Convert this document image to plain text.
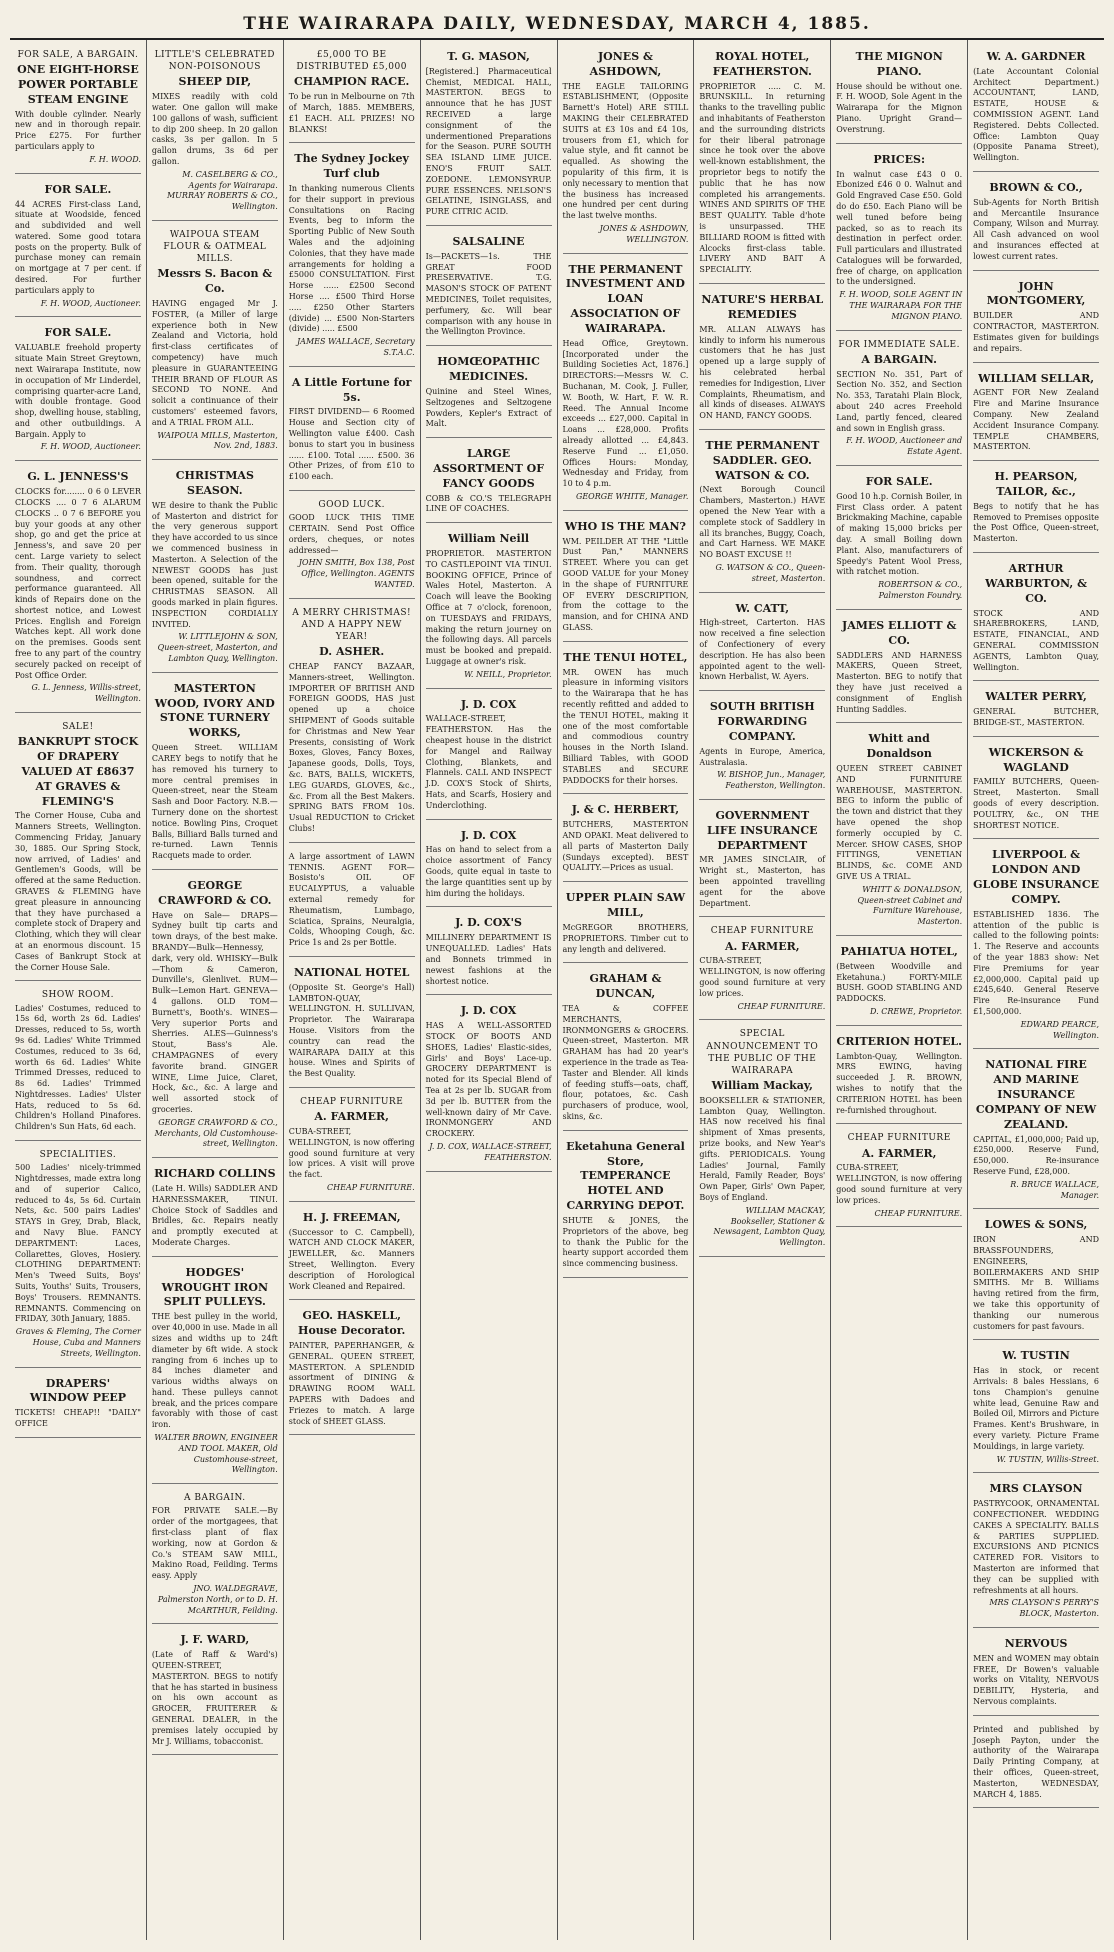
THE WAIRARAPA DAILY, WEDNESDAY, MARCH 4, 1885.
FOR SALE, A BARGAIN.
ONE EIGHT-HORSE POWER PORTABLE STEAM ENGINE
With double cylinder. Nearly new and in thorough repair. Price £275. For further particulars apply to
F. H. WOOD.
FOR SALE.
44 ACRES First-class Land, situate at Woodside, fenced and subdivided and well watered. Some good totara posts on the property. Bulk of purchase money can remain on mortgage at 7 per cent. if desired. For further particulars apply to
F. H. WOOD, Auctioneer.
FOR SALE.
VALUABLE freehold property situate Main Street Greytown, next Wairarapa Institute, now in occupation of Mr Linderdel, comprising quarter-acre Land, with double frontage. Good shop, dwelling house, stabling, and other outbuildings. A Bargain. Apply to
F. H. WOOD, Auctioneer.
G. L. JENNESS'S
CLOCKS for........ 0 6 0 LEVER CLOCKS .... 0 7 6 ALARUM CLOCKS .. 0 7 6 BEFORE you buy your goods at any other shop, go and get the price at Jenness's, and save 20 per cent. Large variety to select from. Their quality, thorough soundness, and correct performance guaranteed. All kinds of Repairs done on the shortest notice, and Lowest Prices. English and Foreign Watches kept. All work done on the premises. Goods sent free to any part of the country securely packed on receipt of Post Office Order.
G. L. Jenness, Willis-street, Wellington.
SALE!
BANKRUPT STOCK OF DRAPERY VALUED AT £8637 AT GRAVES & FLEMING'S
The Corner House, Cuba and Manners Streets, Wellington. Commencing Friday, January 30, 1885. Our Spring Stock, now arrived, of Ladies' and Gentlemen's Goods, will be offered at the same Reduction. GRAVES & FLEMING have great pleasure in announcing that they have purchased a complete stock of Drapery and Clothing, which they will clear at an enormous discount. 15 Cases of Bankrupt Stock at the Corner House Sale.
SHOW ROOM.
Ladies' Costumes, reduced to 15s 6d, worth 2s 6d. Ladies' Dresses, reduced to 5s, worth 9s 6d. Ladies' White Trimmed Costumes, reduced to 3s 6d, worth 6s 6d. Ladies' White Trimmed Dresses, reduced to 8s 6d. Ladies' Trimmed Nightdresses. Ladies' Ulster Hats, reduced to 5s 6d. Children's Holland Pinafores. Children's Sun Hats, 6d each.
SPECIALITIES.
500 Ladies' nicely-trimmed Nightdresses, made extra long and of superior Calico, reduced to 4s, 5s 6d. Curtain Nets, &c. 500 pairs Ladies' STAYS in Grey, Drab, Black, and Navy Blue. FANCY DEPARTMENT: Laces, Collarettes, Gloves, Hosiery. CLOTHING DEPARTMENT: Men's Tweed Suits, Boys' Suits, Youths' Suits, Trousers, Boys' Trousers. REMNANTS. REMNANTS. Commencing on FRIDAY, 30th January, 1885.
Graves & Fleming, The Corner House, Cuba and Manners Streets, Wellington.
DRAPERS' WINDOW PEEP
TICKETS! CHEAP!! "DAILY" OFFICE
LITTLE'S CELEBRATED NON-POISONOUS
SHEEP DIP,
MIXES readily with cold water. One gallon will make 100 gallons of wash, sufficient to dip 200 sheep. In 20 gallon casks, 3s per gallon. In 5 gallon drums, 3s 6d per gallon.
M. CASELBERG & CO., Agents for Wairarapa. MURRAY ROBERTS & CO., Wellington.
WAIPOUA STEAM FLOUR & OATMEAL MILLS.
Messrs S. Bacon & Co.
HAVING engaged Mr J. FOSTER, (a Miller of large experience both in New Zealand and Victoria, hold first-class certificates of competency) have much pleasure in GUARANTEEING THEIR BRAND OF FLOUR AS SECOND TO NONE. And solicit a continuance of their customers' esteemed favors, and A TRIAL FROM ALL.
WAIPOUA MILLS, Masterton, Nov. 2nd, 1883.
CHRISTMAS SEASON.
WE desire to thank the Public of Masterton and district for the very generous support they have accorded to us since we commenced business in Masterton. A Selection of the NEWEST GOODS has just been opened, suitable for the CHRISTMAS SEASON. All goods marked in plain figures. INSPECTION CORDIALLY INVITED.
W. LITTLEJOHN & SON, Queen-street, Masterton, and Lambton Quay, Wellington.
MASTERTON WOOD, IVORY AND STONE TURNERY WORKS,
Queen Street. WILLIAM CAREY begs to notify that he has removed his turnery to more central premises in Queen-street, near the Steam Sash and Door Factory. N.B.—Turnery done on the shortest notice. Bowling Pins, Croquet Balls, Billiard Balls turned and re-turned. Lawn Tennis Racquets made to order.
GEORGE CRAWFORD & CO.
Have on Sale— DRAPS—Sydney built tip carts and town drays, of the best make. BRANDY—Bulk—Hennessy, dark, very old. WHISKY—Bulk—Thom & Cameron, Dunville's, Glenlivet. RUM—Bulk—Lemon Hart. GENEVA—4 gallons. OLD TOM—Burnett's, Booth's. WINES—Very superior Ports and Sherries. ALES—Guinness's Stout, Bass's Ale. CHAMPAGNES of every favorite brand. GINGER WINE, Lime Juice, Claret, Hock, &c., &c. A large and well assorted stock of groceries.
GEORGE CRAWFORD & CO., Merchants, Old Customhouse-street, Wellington.
RICHARD COLLINS
(Late H. Wills) SADDLER AND HARNESSMAKER, TINUI. Choice Stock of Saddles and Bridles, &c. Repairs neatly and promptly executed at Moderate Charges.
HODGES' WROUGHT IRON SPLIT PULLEYS.
THE best pulley in the world, over 40,000 in use. Made in all sizes and widths up to 24ft diameter by 6ft wide. A stock ranging from 6 inches up to 84 inches diameter and various widths always on hand. These pulleys cannot break, and the prices compare favorably with those of cast iron.
WALTER BROWN, ENGINEER AND TOOL MAKER, Old Customhouse-street, Wellington.
A BARGAIN.
FOR PRIVATE SALE.—By order of the mortgagees, that first-class plant of flax working, now at Gordon & Co.'s STEAM SAW MILL, Makino Road, Feilding. Terms easy. Apply
JNO. WALDEGRAVE, Palmerston North, or to D. H. McARTHUR, Feilding.
J. F. WARD,
(Late of Raff & Ward's) QUEEN-STREET, MASTERTON. BEGS to notify that he has started in business on his own account as GROCER, FRUITERER & GENERAL DEALER, in the premises lately occupied by Mr J. Williams, tobacconist.
£5,000 TO BE DISTRIBUTED £5,000
CHAMPION RACE.
To be run in Melbourne on 7th of March, 1885. MEMBERS, £1 EACH. ALL PRIZES! NO BLANKS!
The Sydney Jockey Turf club
In thanking numerous Clients for their support in previous Consultations on Racing Events, beg to inform the Sporting Public of New South Wales and the adjoining Colonies, that they have made arrangements for holding a £5000 CONSULTATION. First Horse ...... £2500 Second Horse .... £500 Third Horse ..... £250 Other Starters (divide) ... £500 Non-Starters (divide) ..... £500
JAMES WALLACE, Secretary S.T.A.C.
A Little Fortune for 5s.
FIRST DIVIDEND— 6 Roomed House and Section city of Wellington value £400. Cash bonus to start you in business ...... £100. Total ...... £500. 36 Other Prizes, of from £10 to £100 each.
GOOD LUCK.
GOOD LUCK THIS TIME CERTAIN. Send Post Office orders, cheques, or notes addressed—
JOHN SMITH, Box 138, Post Office, Wellington. AGENTS WANTED.
A MERRY CHRISTMAS! AND A HAPPY NEW YEAR!
D. ASHER.
CHEAP FANCY BAZAAR, Manners-street, Wellington. IMPORTER OF BRITISH AND FOREIGN GOODS, HAS just opened up a choice SHIPMENT of Goods suitable for Christmas and New Year Presents, consisting of Work Boxes, Gloves, Fancy Boxes, Japanese goods, Dolls, Toys, &c. BATS, BALLS, WICKETS, LEG GUARDS, GLOVES, &c., &c. From all the Best Makers. SPRING BATS FROM 10s. Usual REDUCTION to Cricket Clubs!
A large assortment of LAWN TENNIS. AGENT FOR—Bosisto's OIL OF EUCALYPTUS, a valuable external remedy for Rheumatism, Lumbago, Sciatica, Sprains, Neuralgia, Colds, Whooping Cough, &c. Price 1s and 2s per Bottle.
NATIONAL HOTEL
(Opposite St. George's Hall) LAMBTON-QUAY, WELLINGTON. H. SULLIVAN, Proprietor. The Wairarapa House. Visitors from the country can read the WAIRARAPA DAILY at this house. Wines and Spirits of the Best Quality.
CHEAP FURNITURE
A. FARMER,
CUBA-STREET, WELLINGTON, is now offering good sound furniture at very low prices. A visit will prove the fact.
CHEAP FURNITURE.
H. J. FREEMAN,
(Successor to C. Campbell), WATCH AND CLOCK MAKER, JEWELLER, &c. Manners Street, Wellington. Every description of Horological Work Cleaned and Repaired.
GEO. HASKELL, House Decorator.
PAINTER, PAPERHANGER, & GENERAL. QUEEN STREET, MASTERTON. A SPLENDID assortment of DINING & DRAWING ROOM WALL PAPERS with Dadoes and Friezes to match. A large stock of SHEET GLASS.
T. G. MASON,
[Registered.] Pharmaceutical Chemist, MEDICAL HALL, MASTERTON. BEGS to announce that he has JUST RECEIVED a large consignment of the undermentioned Preparations for the Season. PURE SOUTH SEA ISLAND LIME JUICE. ENO'S FRUIT SALT. ZOEDONE. LEMONSYRUP. PURE ESSENCES. NELSON'S GELATINE, ISINGLASS, and PURE CITRIC ACID.
SALSALINE
Is—PACKETS—1s. THE GREAT FOOD PRESERVATIVE. T.G. MASON'S STOCK OF PATENT MEDICINES, Toilet requisites, perfumery, &c. Will bear comparison with any house in the Wellington Province.
HOMŒOPATHIC MEDICINES.
Quinine and Steel Wines, Seltzogenes and Seltzogene Powders, Kepler's Extract of Malt.
LARGE ASSORTMENT OF FANCY GOODS
COBB & CO.'S TELEGRAPH LINE OF COACHES.
William Neill
PROPRIETOR. MASTERTON TO CASTLEPOINT VIA TINUI. BOOKING OFFICE, Prince of Wales Hotel, Masterton. A Coach will leave the Booking Office at 7 o'clock, forenoon, on TUESDAYS and FRIDAYS, making the return journey on the following days. All parcels must be booked and prepaid. Luggage at owner's risk.
W. NEILL, Proprietor.
J. D. COX
WALLACE-STREET, FEATHERSTON. Has the cheapest house in the district for Mangel and Railway Clothing, Blankets, and Flannels. CALL AND INSPECT J.D. COX'S Stock of Shirts, Hats, and Scarfs, Hosiery and Underclothing.
J. D. COX
Has on hand to select from a choice assortment of Fancy Goods, quite equal in taste to the large quantities sent up by him during the holidays.
J. D. COX'S
MILLINERY DEPARTMENT IS UNEQUALLED. Ladies' Hats and Bonnets trimmed in newest fashions at the shortest notice.
J. D. COX
HAS A WELL-ASSORTED STOCK OF BOOTS AND SHOES, Ladies' Elastic-sides, Girls' and Boys' Lace-up. GROCERY DEPARTMENT is noted for its Special Blend of Tea at 2s per lb. SUGAR from 3d per lb. BUTTER from the well-known dairy of Mr Cave. IRONMONGERY AND CROCKERY.
J. D. COX, WALLACE-STREET, FEATHERSTON.
JONES & ASHDOWN,
THE EAGLE TAILORING ESTABLISHMENT, (Opposite Barnett's Hotel) ARE STILL MAKING their CELEBRATED SUITS at £3 10s and £4 10s, trousers from £1, which for value style, and fit cannot be equalled. As showing the popularity of this firm, it is only necessary to mention that the business has increased one hundred per cent during the last twelve months.
JONES & ASHDOWN, WELLINGTON.
THE PERMANENT INVESTMENT AND LOAN ASSOCIATION OF WAIRARAPA.
Head Office, Greytown. [Incorporated under the Building Societies Act, 1876.] DIRECTORS:—Messrs W. C. Buchanan, M. Cook, J. Fuller, W. Booth, W. Hart, F. W. R. Reed. The Annual Income exceeds ... £27,000. Capital in Loans ... £28,000. Profits already allotted ... £4,843. Reserve Fund ... £1,050. Offices Hours: Monday, Wednesday and Friday, from 10 to 4 p.m.
GEORGE WHITE, Manager.
WHO IS THE MAN?
WM. PEILDER AT THE "Little Dust Pan," MANNERS STREET. Where you can get GOOD VALUE for your Money in the shape of FURNITURE OF EVERY DESCRIPTION, from the cottage to the mansion, and for CHINA AND GLASS.
THE TENUI HOTEL,
MR. OWEN has much pleasure in informing visitors to the Wairarapa that he has recently refitted and added to the TENUI HOTEL, making it one of the most comfortable and commodious country houses in the North Island. Billiard Tables, with GOOD STABLES and SECURE PADDOCKS for their horses.
J. & C. HERBERT,
BUTCHERS, MASTERTON AND OPAKI. Meat delivered to all parts of Masterton Daily (Sundays excepted). BEST QUALITY.—Prices as usual.
UPPER PLAIN SAW MILL,
McGREGOR BROTHERS, PROPRIETORS. Timber cut to any length and delivered.
GRAHAM & DUNCAN,
TEA & COFFEE MERCHANTS, IRONMONGERS & GROCERS. Queen-street, Masterton. MR GRAHAM has had 20 year's experience in the trade as Tea-Taster and Blender. All kinds of feeding stuffs—oats, chaff, flour, potatoes, &c. Cash purchasers of produce, wool, skins, &c.
Eketahuna General Store, TEMPERANCE HOTEL AND CARRYING DEPOT.
SHUTE & JONES, the Proprietors of the above, beg to thank the Public for the hearty support accorded them since commencing business.
ROYAL HOTEL, FEATHERSTON.
PROPRIETOR ..... C. M. BRUNSKILL. In returning thanks to the travelling public and inhabitants of Featherston and the surrounding districts for their liberal patronage since he took over the above well-known establishment, the proprietor begs to notify the public that he has now completed his arrangements. WINES AND SPIRITS OF THE BEST QUALITY. Table d'hote is unsurpassed. THE BILLIARD ROOM is fitted with Alcocks first-class table. LIVERY AND BAIT A SPECIALITY.
NATURE'S HERBAL REMEDIES
MR. ALLAN ALWAYS has kindly to inform his numerous customers that he has just opened up a large supply of his celebrated herbal remedies for Indigestion, Liver Complaints, Rheumatism, and all kinds of diseases. ALWAYS ON HAND, FANCY GOODS.
THE PERMANENT SADDLER. GEO. WATSON & CO.
(Next Borough Council Chambers, Masterton.) HAVE opened the New Year with a complete stock of Saddlery in all its branches, Buggy, Coach, and Cart Harness. WE MAKE NO BOAST EXCUSE !!
G. WATSON & CO., Queen-street, Masterton.
W. CATT,
High-street, Carterton. HAS now received a fine selection of Confectionery of every description. He has also been appointed agent to the well-known Herbalist, W. Ayers.
SOUTH BRITISH FORWARDING COMPANY.
Agents in Europe, America, Australasia.
W. BISHOP, Jun., Manager, Featherston, Wellington.
GOVERNMENT LIFE INSURANCE DEPARTMENT
MR JAMES SINCLAIR, of Wright st., Masterton, has been appointed travelling agent for the above Department.
CHEAP FURNITURE
A. FARMER,
CUBA-STREET, WELLINGTON, is now offering good sound furniture at very low prices.
CHEAP FURNITURE.
SPECIAL ANNOUNCEMENT TO THE PUBLIC OF THE WAIRARAPA
William Mackay,
BOOKSELLER & STATIONER, Lambton Quay, Wellington. HAS now received his final shipment of Xmas presents, prize books, and New Year's gifts. PERIODICALS. Young Ladies' Journal, Family Herald, Family Reader, Boys' Own Paper, Girls' Own Paper, Boys of England.
WILLIAM MACKAY, Bookseller, Stationer & Newsagent, Lambton Quay, Wellington.
THE MIGNON PIANO.
House should be without one. F. H. WOOD, Sole Agent in the Wairarapa for the Mignon Piano. Upright Grand—Overstrung.
PRICES:
In walnut case £43 0 0. Ebonized £46 0 0. Walnut and Gold Engraved Case £50. Gold do do £50. Each Piano will be well tuned before being packed, so as to reach its destination in perfect order. Full particulars and illustrated Catalogues will be forwarded, free of charge, on application to the undersigned.
F. H. WOOD, SOLE AGENT IN THE WAIRARAPA FOR THE MIGNON PIANO.
FOR IMMEDIATE SALE.
A BARGAIN.
SECTION No. 351, Part of Section No. 352, and Section No. 353, Taratahi Plain Block, about 240 acres Freehold Land, partly fenced, cleared and sown in English grass.
F. H. WOOD, Auctioneer and Estate Agent.
FOR SALE.
Good 10 h.p. Cornish Boiler, in First Class order. A patent Brickmaking Machine, capable of making 15,000 bricks per day. A small Boiling down Plant. Also, manufacturers of Speedy's Patent Wool Press, with ratchet motion.
ROBERTSON & CO., Palmerston Foundry.
JAMES ELLIOTT & CO.
SADDLERS AND HARNESS MAKERS, Queen Street, Masterton. BEG to notify that they have just received a consignment of English Hunting Saddles.
Whitt and Donaldson
QUEEN STREET CABINET AND FURNITURE WAREHOUSE, MASTERTON. BEG to inform the public of the town and district that they have opened the shop formerly occupied by C. Mercer. SHOW CASES, SHOP FITTINGS, VENETIAN BLINDS, &c. COME AND GIVE US A TRIAL.
WHITT & DONALDSON, Queen-street Cabinet and Furniture Warehouse, Masterton.
PAHIATUA HOTEL,
(Between Woodville and Eketahuna.) FORTY-MILE BUSH. GOOD STABLING AND PADDOCKS.
D. CREWE, Proprietor.
CRITERION HOTEL.
Lambton-Quay, Wellington. MRS EWING, having succeeded J. R. BROWN, wishes to notify that the CRITERION HOTEL has been re-furnished throughout.
CHEAP FURNITURE
A. FARMER,
CUBA-STREET, WELLINGTON, is now offering good sound furniture at very low prices.
CHEAP FURNITURE.
W. A. GARDNER
(Late Accountant Colonial Architect Department.) ACCOUNTANT, LAND, ESTATE, HOUSE & COMMISSION AGENT. Land Registered. Debts Collected. Office: Lambton Quay (Opposite Panama Street), Wellington.
BROWN & CO.,
Sub-Agents for North British and Mercantile Insurance Company, Wilson and Murray. All Cash advanced on wool and insurances effected at lowest current rates.
JOHN MONTGOMERY,
BUILDER AND CONTRACTOR, MASTERTON. Estimates given for buildings and repairs.
WILLIAM SELLAR,
AGENT FOR New Zealand Fire and Marine Insurance Company. New Zealand Accident Insurance Company. TEMPLE CHAMBERS, MASTERTON.
H. PEARSON, TAILOR, &c.,
Begs to notify that he has Removed to Premises opposite the Post Office, Queen-street, Masterton.
ARTHUR WARBURTON, & CO.
STOCK AND SHAREBROKERS, LAND, ESTATE, FINANCIAL, AND GENERAL COMMISSION AGENTS, Lambton Quay, Wellington.
WALTER PERRY,
GENERAL BUTCHER, BRIDGE-ST., MASTERTON.
WICKERSON & WAGLAND
FAMILY BUTCHERS, Queen-Street, Masterton. Small goods of every description. POULTRY, &c., ON THE SHORTEST NOTICE.
LIVERPOOL & LONDON AND GLOBE INSURANCE COMPY.
ESTABLISHED 1836. The attention of the public is called to the following points: 1. The Reserve and accounts of the year 1883 show: Net Fire Premiums for year £2,000,000. Capital paid up £245,640. General Reserve Fire Re-insurance Fund £1,500,000.
EDWARD PEARCE, Wellington.
NATIONAL FIRE AND MARINE INSURANCE COMPANY OF NEW ZEALAND.
CAPITAL, £1,000,000; Paid up, £250,000. Reserve Fund, £50,000. Re-insurance Reserve Fund, £28,000.
R. BRUCE WALLACE, Manager.
LOWES & SONS,
IRON AND BRASSFOUNDERS, ENGINEERS, BOILERMAKERS AND SHIP SMITHS. Mr B. Williams having retired from the firm, we take this opportunity of thanking our numerous customers for past favours.
W. TUSTIN
Has in stock, or recent Arrivals: 8 bales Hessians, 6 tons Champion's genuine white lead, Genuine Raw and Boiled Oil, Mirrors and Picture Frames. Kent's Brushware, in every variety. Picture Frame Mouldings, in large variety.
W. TUSTIN, Willis-Street.
MRS CLAYSON
PASTRYCOOK, ORNAMENTAL CONFECTIONER. WEDDING CAKES A SPECIALITY. BALLS & PARTIES SUPPLIED. EXCURSIONS AND PICNICS CATERED FOR. Visitors to Masterton are informed that they can be supplied with refreshments at all hours.
MRS CLAYSON'S PERRY'S BLOCK, Masterton.
NERVOUS
MEN and WOMEN may obtain FREE, Dr Bowen's valuable works on Vitality, NERVOUS DEBILITY, Hysteria, and Nervous complaints.
Printed and published by Joseph Payton, under the authority of the Wairarapa Daily Printing Company, at their offices, Queen-street, Masterton, WEDNESDAY, MARCH 4, 1885.
